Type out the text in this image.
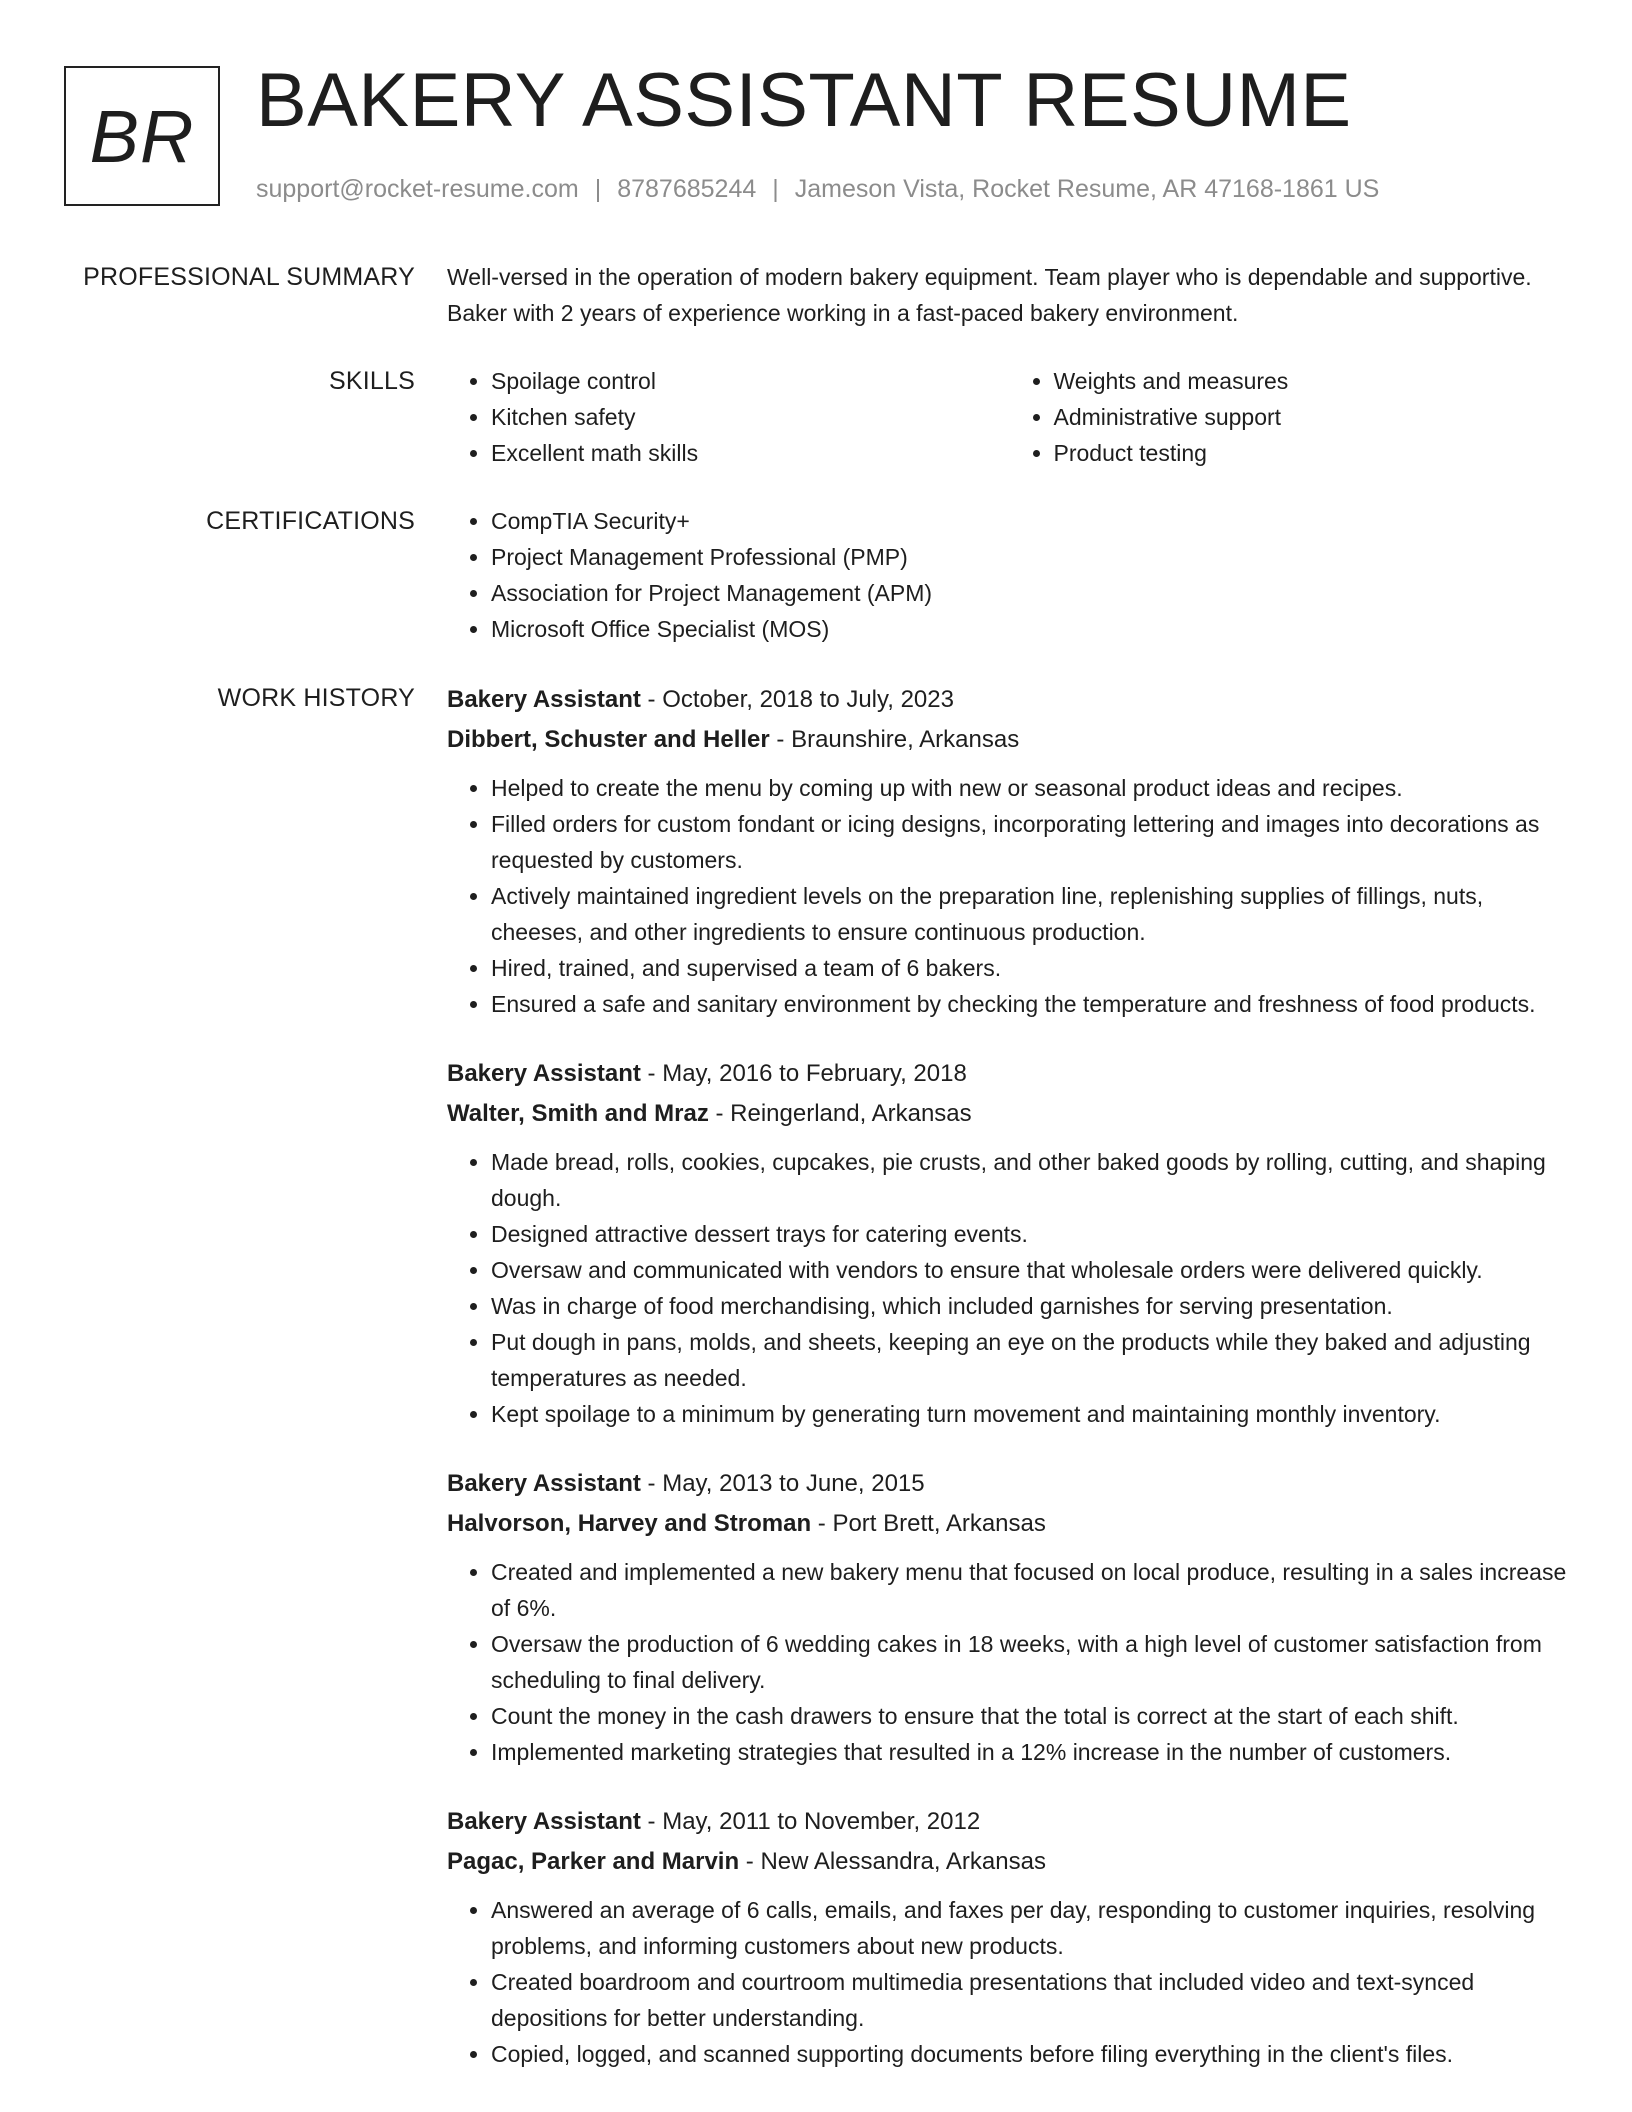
BR BAKERY ASSISTANT RESUME
support@rocket-resume.com | 8787685244 | Jameson Vista, Rocket Resume, AR 47168-1861 US
PROFESSIONAL SUMMARY Well-versed in the operation of modern bakery equipment. Team player who is dependable and supportive. Baker with 2 years of experience working in a fast-paced bakery environment.

SKILLS	• Spoilage control
• Kitchen safety
• Excellent math skills
• Weights and measures
• Administrative support
• Product testing
CERTIFICATIONS	• CompTIA Security+
• Project Management Professional (PMP)
• Association for Project Management (APM)
• Microsoft Office Specialist (MOS)
WORK HISTORY Bakery Assistant - October, 2018 to July, 2023
Dibbert, Schuster and Heller - Braunshire, Arkansas
• Helped to create the menu by coming up with new or seasonal product ideas and recipes.
• Filled orders for custom fondant or icing designs, incorporating lettering and images into decorations as requested by customers.
• Actively maintained ingredient levels on the preparation line, replenishing supplies of fillings, nuts, cheeses, and other ingredients to ensure continuous production.
• Hired, trained, and supervised a team of 6 bakers.
• Ensured a safe and sanitary environment by checking the temperature and freshness of food products.
Bakery Assistant - May, 2016 to February, 2018
Walter, Smith and Mraz - Reingerland, Arkansas
• Made bread, rolls, cookies, cupcakes, pie crusts, and other baked goods by rolling, cutting, and shaping dough.
• Designed attractive dessert trays for catering events.
• Oversaw and communicated with vendors to ensure that wholesale orders were delivered quickly.
• Was in charge of food merchandising, which included garnishes for serving presentation.
• Put dough in pans, molds, and sheets, keeping an eye on the products while they baked and adjusting temperatures as needed.
• Kept spoilage to a minimum by generating turn movement and maintaining monthly inventory.
Bakery Assistant - May, 2013 to June, 2015
Halvorson, Harvey and Stroman - Port Brett, Arkansas
• Created and implemented a new bakery menu that focused on local produce, resulting in a sales increase of 6%.
• Oversaw the production of 6 wedding cakes in 18 weeks, with a high level of customer satisfaction from scheduling to final delivery.
• Count the money in the cash drawers to ensure that the total is correct at the start of each shift.
• Implemented marketing strategies that resulted in a 12% increase in the number of customers.
Bakery Assistant - May, 2011 to November, 2012
Pagac, Parker and Marvin - New Alessandra, Arkansas
• Answered an average of 6 calls, emails, and faxes per day, responding to customer inquiries, resolving problems, and informing customers about new products.
• Created boardroom and courtroom multimedia presentations that included video and text-synced depositions for better understanding.
• Copied, logged, and scanned supporting documents before filing everything in the client's files.
